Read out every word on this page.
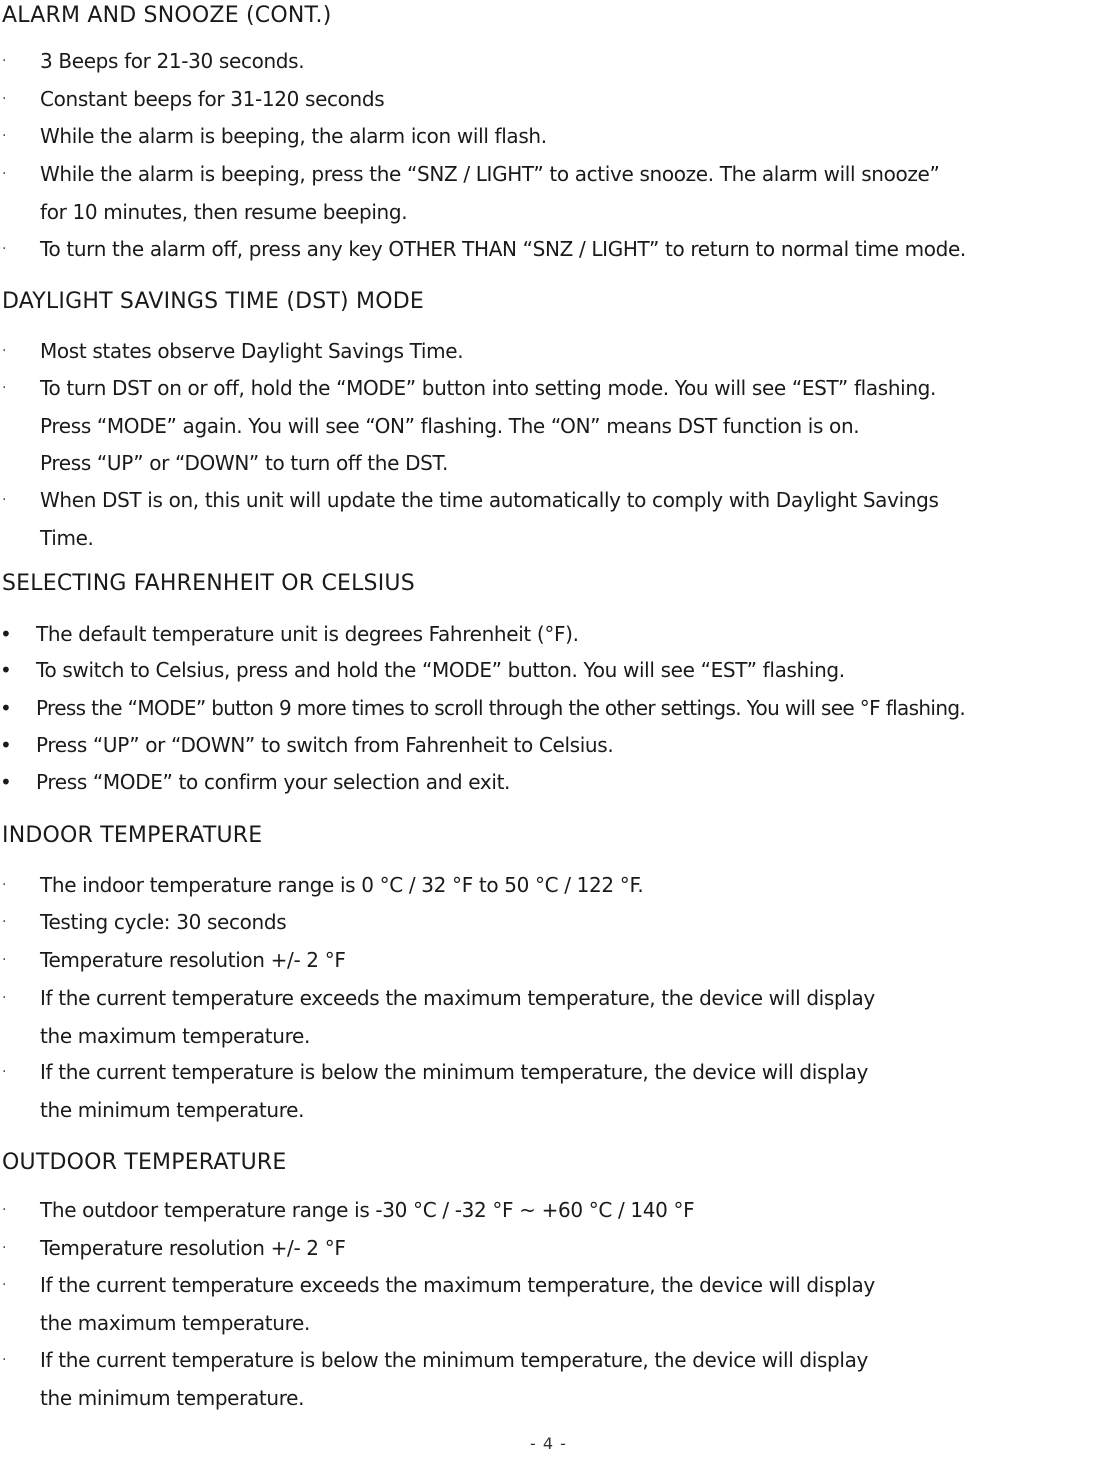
ALARM AND SNOOZE (CONT.)
· 3 Beeps for 21-30 seconds.
· Constant beeps for 31-120 seconds
· While the alarm is beeping, the alarm icon will flash.
· While the alarm is beeping, press the “SNZ / LIGHT” to active snooze. The alarm will snooze”
for 10 minutes, then resume beeping.
· To turn the alarm off, press any key OTHER THAN “SNZ / LIGHT” to return to normal time mode.
DAYLIGHT SAVINGS TIME (DST) MODE
· Most states observe Daylight Savings Time.
· To turn DST on or off, hold the “MODE” button into setting mode. You will see “EST” flashing.
Press “MODE” again. You will see “ON” flashing. The “ON” means DST function is on.
Press “UP” or “DOWN” to turn off the DST.
· When DST is on, this unit will update the time automatically to comply with Daylight Savings
Time.
SELECTING FAHRENHEIT OR CELSIUS
• The default temperature unit is degrees Fahrenheit (°F).
• To switch to Celsius, press and hold the “MODE” button. You will see “EST” flashing.
• Press the “MODE” button 9 more times to scroll through the other settings. You will see °F flashing.
• Press “UP” or “DOWN” to switch from Fahrenheit to Celsius.
• Press “MODE” to confirm your selection and exit.
INDOOR TEMPERATURE
· The indoor temperature range is 0 °C / 32 °F to 50 °C / 122 °F.
· Testing cycle: 30 seconds
· Temperature resolution +/- 2 °F
· If the current temperature exceeds the maximum temperature, the device will display
the maximum temperature.
· If the current temperature is below the minimum temperature, the device will display
the minimum temperature.
OUTDOOR TEMPERATURE
· The outdoor temperature range is -30 °C / -32 °F ~ +60 °C / 140 °F
· Temperature resolution +/- 2 °F
· If the current temperature exceeds the maximum temperature, the device will display
the maximum temperature.
· If the current temperature is below the minimum temperature, the device will display
the minimum temperature.
- 4 -
